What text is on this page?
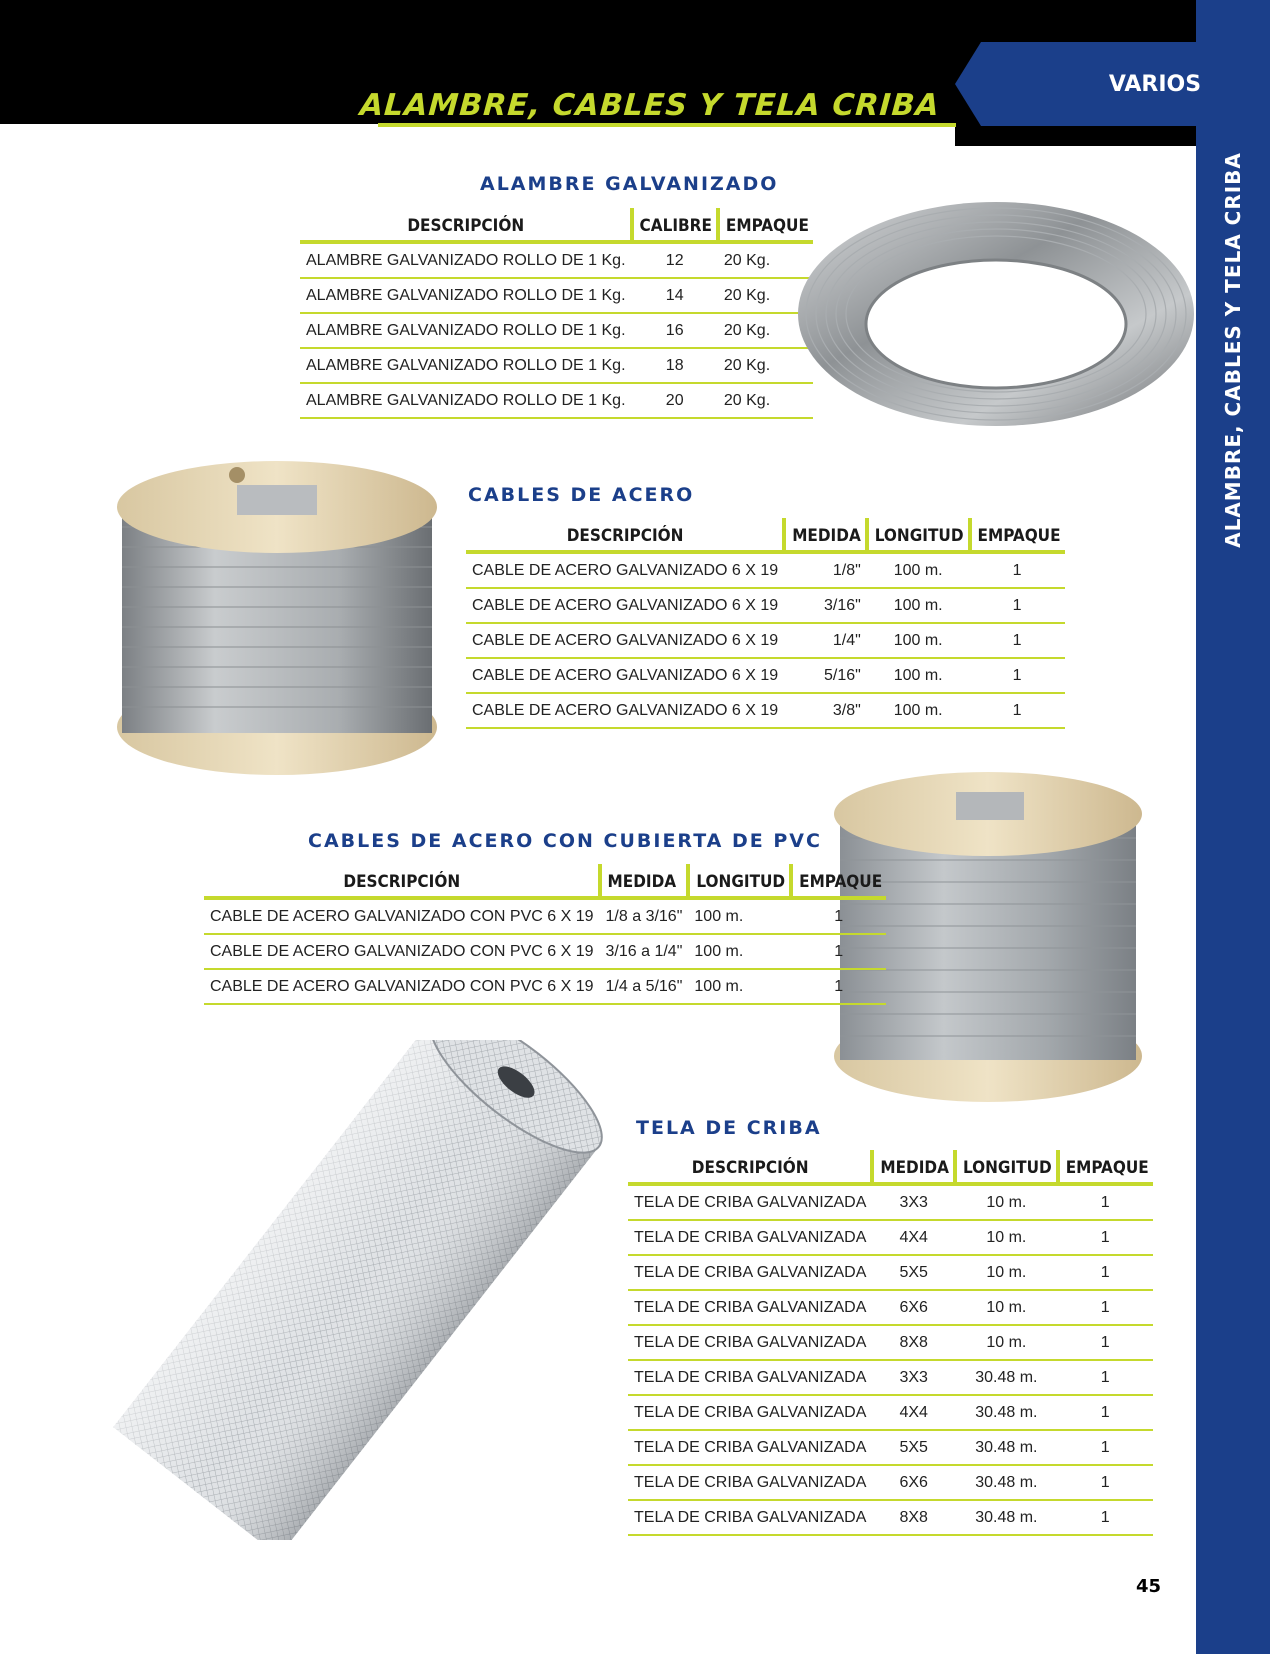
ALAMBRE, CABLES Y TELA CRIBA
VARIOS
ALAMBRE, CABLES Y TELA CRIBA
ALAMBRE GALVANIZADO
DESCRIPCIÓN	CALIBRE	EMPAQUE
ALAMBRE GALVANIZADO ROLLO DE 1 Kg.	12	20 Kg.
ALAMBRE GALVANIZADO ROLLO DE 1 Kg.	14	20 Kg.
ALAMBRE GALVANIZADO ROLLO DE 1 Kg.	16	20 Kg.
ALAMBRE GALVANIZADO ROLLO DE 1 Kg.	18	20 Kg.
ALAMBRE GALVANIZADO ROLLO DE 1 Kg.	20	20 Kg.
CABLES DE ACERO
DESCRIPCIÓN	MEDIDA	LONGITUD	EMPAQUE
CABLE DE ACERO GALVANIZADO 6 X 19	1/8"	100 m.	1
CABLE DE ACERO GALVANIZADO 6 X 19	3/16"	100 m.	1
CABLE DE ACERO GALVANIZADO 6 X 19	1/4"	100 m.	1
CABLE DE ACERO GALVANIZADO 6 X 19	5/16"	100 m.	1
CABLE DE ACERO GALVANIZADO 6 X 19	3/8"	100 m.	1
CABLES DE ACERO CON CUBIERTA DE PVC
DESCRIPCIÓN	MEDIDA	LONGITUD	EMPAQUE
CABLE DE ACERO GALVANIZADO CON PVC 6 X 19	1/8 a 3/16"	100 m.	1
CABLE DE ACERO GALVANIZADO CON PVC 6 X 19	3/16 a 1/4"	100 m.	1
CABLE DE ACERO GALVANIZADO CON PVC 6 X 19	1/4 a 5/16"	100 m.	1
TELA DE CRIBA
DESCRIPCIÓN	MEDIDA	LONGITUD	EMPAQUE
TELA DE CRIBA GALVANIZADA	3X3	10 m.	1
TELA DE CRIBA GALVANIZADA	4X4	10 m.	1
TELA DE CRIBA GALVANIZADA	5X5	10 m.	1
TELA DE CRIBA GALVANIZADA	6X6	10 m.	1
TELA DE CRIBA GALVANIZADA	8X8	10 m.	1
TELA DE CRIBA GALVANIZADA	3X3	30.48 m.	1
TELA DE CRIBA GALVANIZADA	4X4	30.48 m.	1
TELA DE CRIBA GALVANIZADA	5X5	30.48 m.	1
TELA DE CRIBA GALVANIZADA	6X6	30.48 m.	1
TELA DE CRIBA GALVANIZADA	8X8	30.48 m.	1
45
